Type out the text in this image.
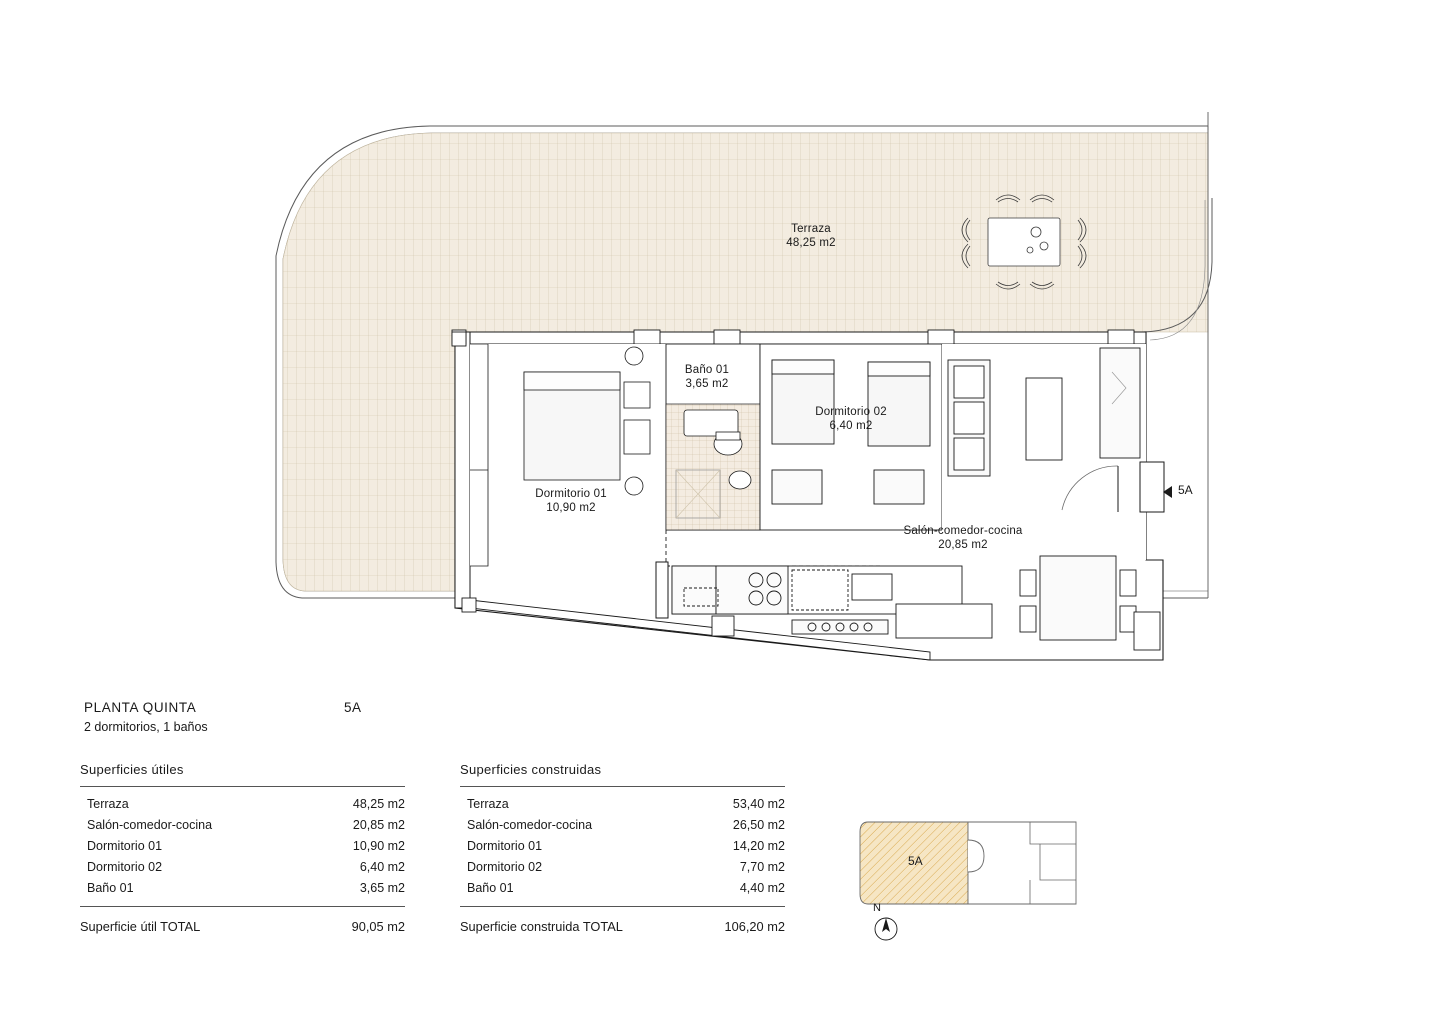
Terraza
48,25 m2
Baño 01
3,65 m2
Dormitorio 01
10,90 m2
Dormitorio 02
6,40 m2
Salón-comedor-cocina
20,85 m2
5A
PLANTA QUINTA
2 dormitorios, 1 baños
5A
Superficies útiles
Terraza	48,25 m2
Salón-comedor-cocina	20,85 m2
Dormitorio 01	10,90 m2
Dormitorio 02	6,40 m2
Baño 01	3,65 m2
Superficie útil TOTAL	90,05 m2
Superficies construidas
Terraza	53,40 m2
Salón-comedor-cocina	26,50 m2
Dormitorio 01	14,20 m2
Dormitorio 02	7,70 m2
Baño 01	4,40 m2
Superficie construida TOTAL	106,20 m2
5A
N
